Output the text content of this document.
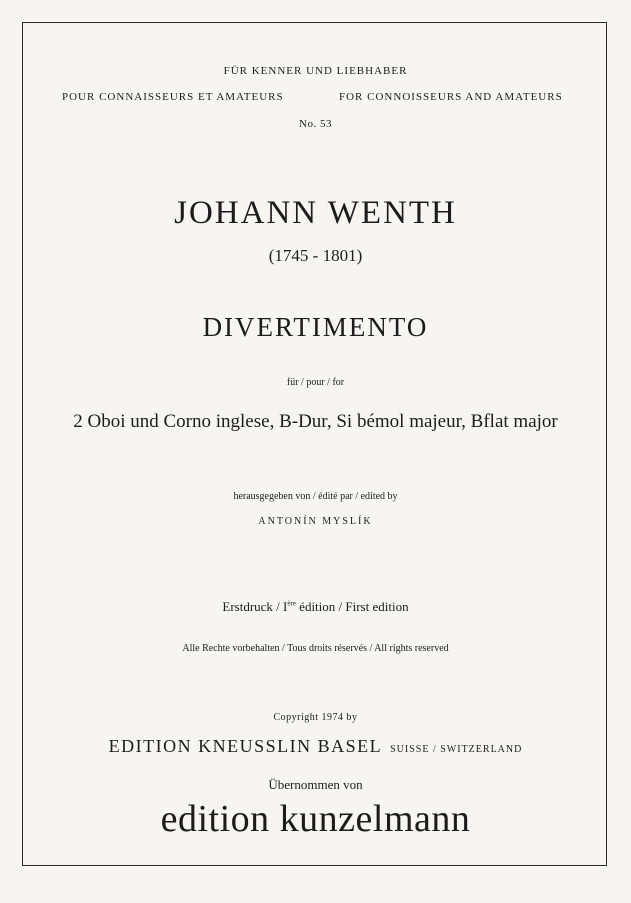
FÜR KENNER UND LIEBHABER
POUR CONNAISSEURS ET AMATEURS	FOR CONNOISSEURS AND AMATEURS
No. 53
JOHANN WENTH
(1745 - 1801)
DIVERTIMENTO
für / pour / for
2 Oboi und Corno inglese, B-Dur, Si bémol majeur, Bflat major
herausgegeben von / édité par / edited by
ANTONÍN MYSLÍK
Erstdruck / Ière édition / First edition
Alle Rechte vorbehalten / Tous droits réservés / All rights reserved
Copyright 1974 by
EDITION KNEUSSLIN BASEL SUISSE / SWITZERLAND
Übernommen von
edition kunzelmann
